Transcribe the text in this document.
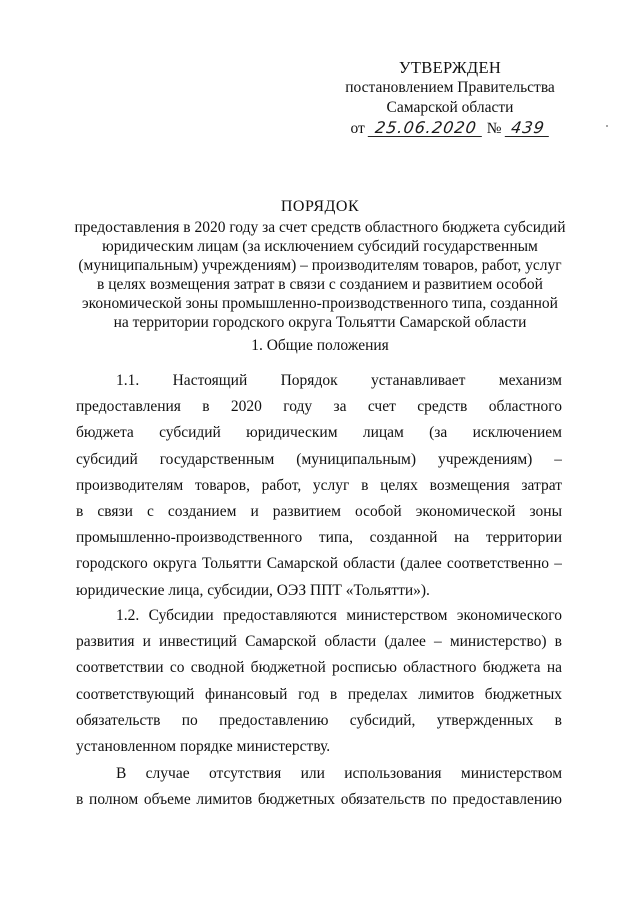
УТВЕРЖДЕН
постановлением Правительства
Самарской области
от 25.06.2020 № 439
ПОРЯДОК
предоставления в 2020 году за счет средств областного бюджета субсидий
юридическим лицам (за исключением субсидий государственным
(муниципальным) учреждениям) – производителям товаров, работ, услуг
в целях возмещения затрат в связи с созданием и развитием особой
экономической зоны промышленно-производственного типа, созданной
на территории городского округа Тольятти Самарской области
1. Общие положения
1.1. Настоящий Порядок устанавливает механизм
предоставления в 2020 году за счет средств областного
бюджета субсидий юридическим лицам (за исключением
субсидий государственным (муниципальным) учреждениям) –
производителям товаров, работ, услуг в целях возмещения затрат
в связи с созданием и развитием особой экономической зоны
промышленно-производственного типа, созданной на территории
городского округа Тольятти Самарской области (далее соответственно –
юридические лица, субсидии, ОЭЗ ППТ «Тольятти»).
1.2. Субсидии предоставляются министерством экономического
развития и инвестиций Самарской области (далее – министерство) в
соответствии со сводной бюджетной росписью областного бюджета на
соответствующий финансовый год в пределах лимитов бюджетных
обязательств по предоставлению субсидий, утвержденных в
установленном порядке министерству.
В случае отсутствия или использования министерством
в полном объеме лимитов бюджетных обязательств по предоставлению
